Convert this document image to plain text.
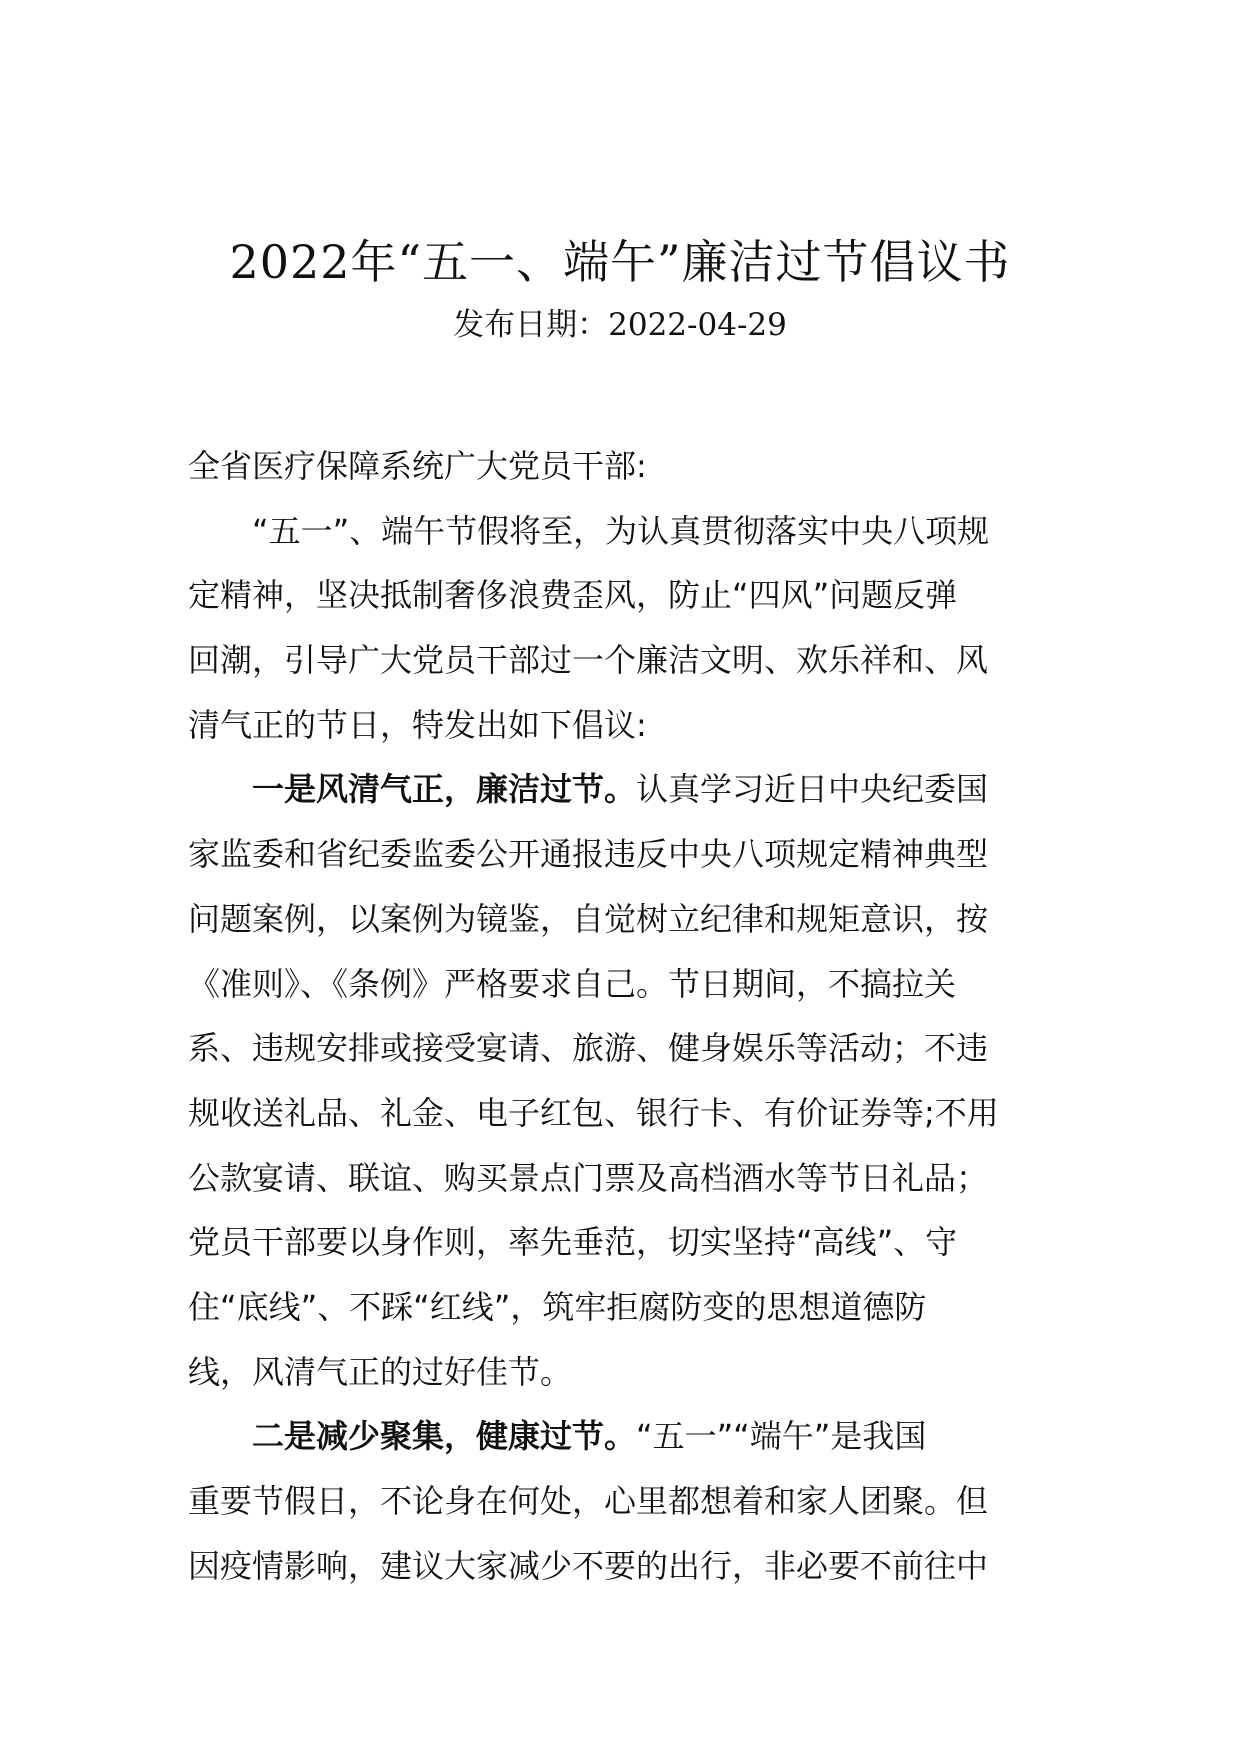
2022年“五一、端午”廉洁过节倡议书
发布日期：2022-04-29
全省医疗保障系统广大党员干部:
“五一”、端午节假将至，为认真贯彻落实中央八项规
定精神，坚决抵制奢侈浪费歪风，防止“四风”问题反弹
回潮，引导广大党员干部过一个廉洁文明、欢乐祥和、风
清气正的节日，特发出如下倡议:
一是风清气正，廉洁过节。认真学习近日中央纪委国
家监委和省纪委监委公开通报违反中央八项规定精神典型
问题案例，以案例为镜鉴，自觉树立纪律和规矩意识，按
《准则》、《条例》严格要求自己。节日期间，不搞拉关
系、违规安排或接受宴请、旅游、健身娱乐等活动；不违
规收送礼品、礼金、电子红包、银行卡、有价证券等;不用
公款宴请、联谊、购买景点门票及高档酒水等节日礼品；
党员干部要以身作则，率先垂范，切实坚持“高线”、守
住“底线”、不踩“红线”，筑牢拒腐防变的思想道德防
线，风清气正的过好佳节。
二是减少聚集，健康过节。“五一”“端午”是我国
重要节假日，不论身在何处，心里都想着和家人团聚。但
因疫情影响，建议大家减少不要的出行，非必要不前往中
